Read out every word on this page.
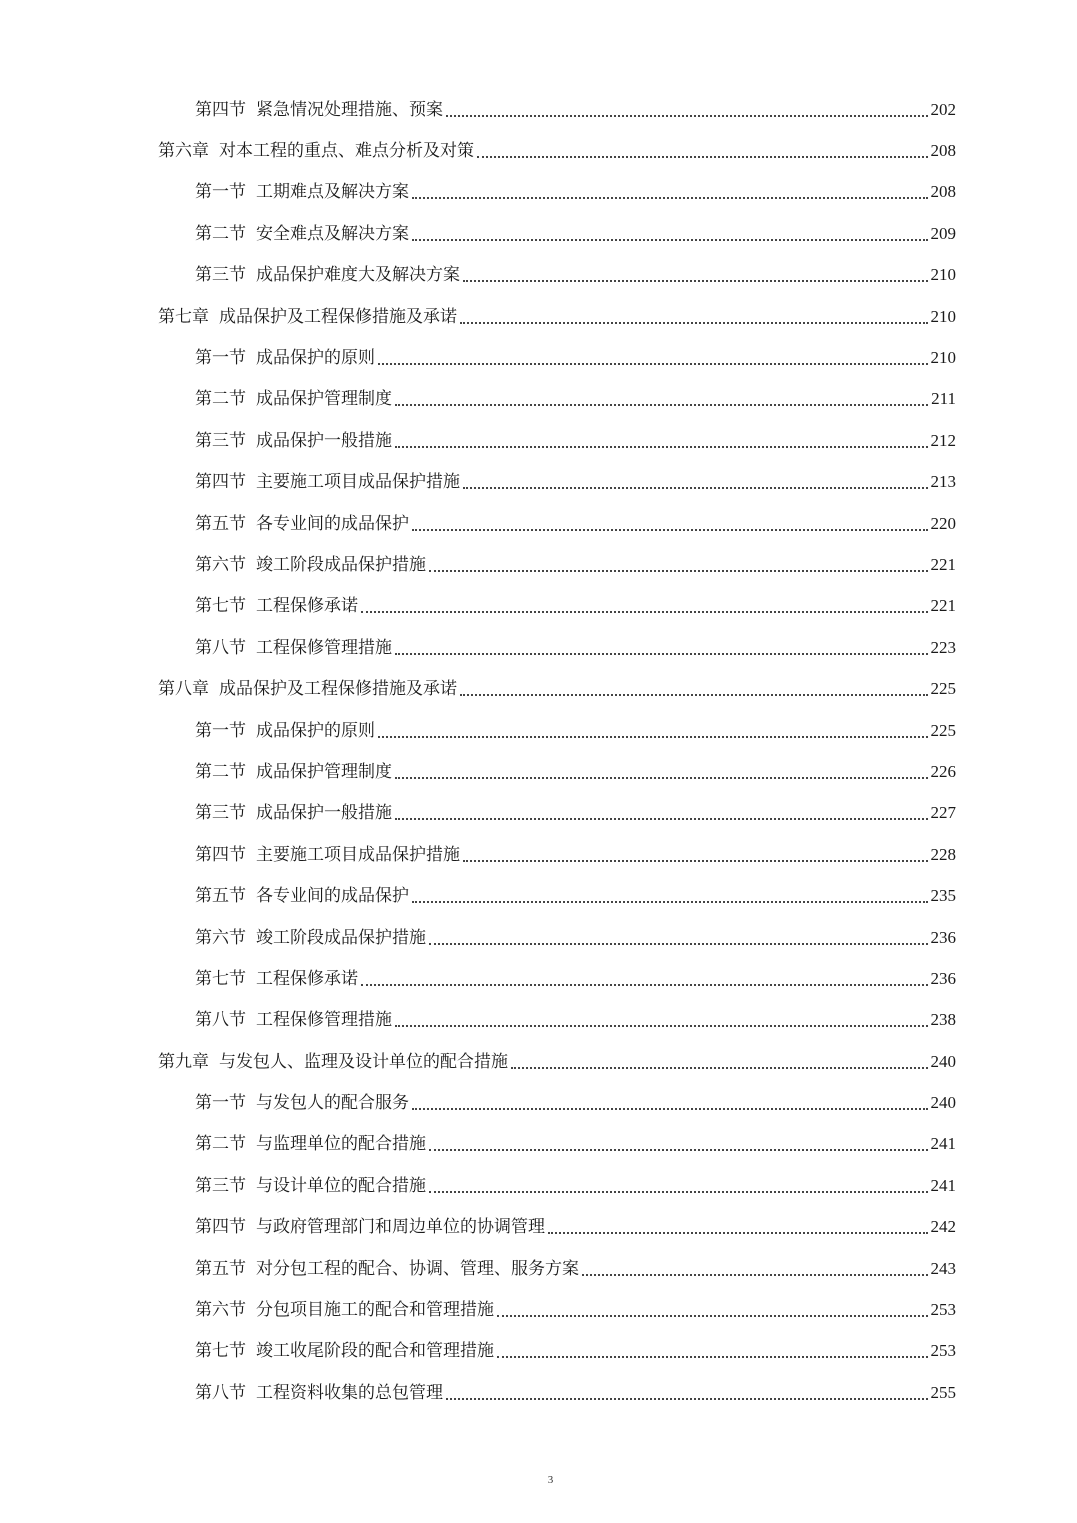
第四节 紧急情况处理措施、预案	202
第六章 对本工程的重点、难点分析及对策	208
第一节 工期难点及解决方案	208
第二节 安全难点及解决方案	209
第三节 成品保护难度大及解决方案	210
第七章 成品保护及工程保修措施及承诺	210
第一节 成品保护的原则	210
第二节 成品保护管理制度	211
第三节 成品保护一般措施	212
第四节 主要施工项目成品保护措施	213
第五节 各专业间的成品保护	220
第六节 竣工阶段成品保护措施	221
第七节 工程保修承诺	221
第八节 工程保修管理措施	223
第八章 成品保护及工程保修措施及承诺	225
第一节 成品保护的原则	225
第二节 成品保护管理制度	226
第三节 成品保护一般措施	227
第四节 主要施工项目成品保护措施	228
第五节 各专业间的成品保护	235
第六节 竣工阶段成品保护措施	236
第七节 工程保修承诺	236
第八节 工程保修管理措施	238
第九章 与发包人、监理及设计单位的配合措施	240
第一节 与发包人的配合服务	240
第二节 与监理单位的配合措施	241
第三节 与设计单位的配合措施	241
第四节 与政府管理部门和周边单位的协调管理	242
第五节 对分包工程的配合、协调、管理、服务方案	243
第六节 分包项目施工的配合和管理措施	253
第七节 竣工收尾阶段的配合和管理措施	253
第八节 工程资料收集的总包管理	255
3
